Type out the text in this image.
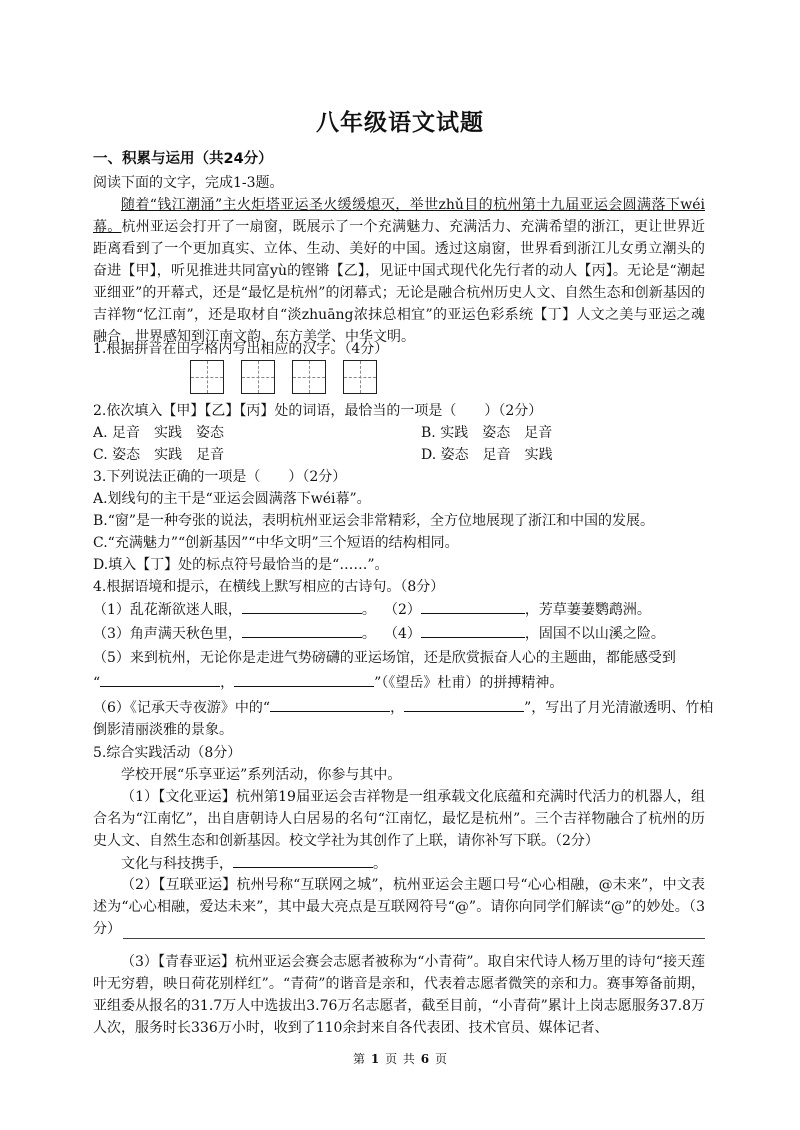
八年级语文试题
一、积累与运用（共24分）
阅读下面的文字，完成1-3题。
随着“钱江潮涌”主火炬塔亚运圣火缓缓熄灭，举世zhǔ目的杭州第十九届亚运会圆满落下wéi幕。杭州亚运会打开了一扇窗，既展示了一个充满魅力、充满活力、充满希望的浙江，更让世界近距离看到了一个更加真实、立体、生动、美好的中国。透过这扇窗，世界看到浙江儿女勇立潮头的奋进【甲】，听见推进共同富yù的铿锵【乙】，见证中国式现代化先行者的动人【丙】。无论是“潮起亚细亚”的开幕式，还是“最忆是杭州”的闭幕式；无论是融合杭州历史人文、自然生态和创新基因的吉祥物“忆江南”，还是取材自“淡zhuāng浓抹总相宜”的亚运色彩系统【丁】人文之美与亚运之魂融合，世界感知到江南文韵、东方美学、中华文明。
1.根据拼音在田字格内写出相应的汉字。（4分）
2.依次填入【甲】【乙】【丙】处的词语，最恰当的一项是（　　）（2分）
A. 足音　实践　姿态	B. 实践　姿态　足音
C. 姿态　实践　足音	D. 姿态　足音　实践
3.下列说法正确的一项是（　　）（2分）
A.划线句的主干是“亚运会圆满落下wéi幕”。
B.“窗”是一种夸张的说法，表明杭州亚运会非常精彩，全方位地展现了浙江和中国的发展。
C.“充满魅力”“创新基因”“中华文明”三个短语的结构相同。
D.填入【丁】处的标点符号最恰当的是“……”。
4.根据语境和提示，在横线上默写相应的古诗句。（8分）
（1）乱花渐欲迷人眼，	。 （2）	，芳草萋萋鹦鹉洲。
（3）角声满天秋色里，	。 （4）	，固国不以山溪之险。
（5）来到杭州，无论你是走进气势磅礴的亚运场馆，还是欣赏振奋人心的主题曲，都能感受到
“	，	”（《望岳》杜甫）的拼搏精神。
（6）《记承天寺夜游》中的“	，	”，写出了月光清澈透明、竹柏
倒影清丽淡雅的景象。
5.综合实践活动（8分）
学校开展“乐享亚运”系列活动，你参与其中。
（1）【文化亚运】杭州第19届亚运会吉祥物是一组承载文化底蕴和充满时代活力的机器人，组合名为“江南忆”，出自唐朝诗人白居易的名句“江南忆，最忆是杭州”。三个吉祥物融合了杭州的历史人文、自然生态和创新基因。校文学社为其创作了上联，请你补写下联。（2分）
文化与科技携手，	。
（2）【互联亚运】杭州号称“互联网之城”，杭州亚运会主题口号“心心相融，@未来”，中文表述为“心心相融，爱达未来”，其中最大亮点是互联网符号“@”。请你向同学们解读“@”的妙处。（3分）
（3）【青春亚运】杭州亚运会赛会志愿者被称为“小青荷”。取自宋代诗人杨万里的诗句“接天莲叶无穷碧，映日荷花别样红”。“青荷”的谐音是亲和，代表着志愿者微笑的亲和力。赛事筹备前期，亚组委从报名的31.7万人中选拔出3.76万名志愿者，截至目前，“小青荷”累计上岗志愿服务37.8万人次，服务时长336万小时，收到了110余封来自各代表团、技术官员、媒体记者、
第 1 页 共 6 页
